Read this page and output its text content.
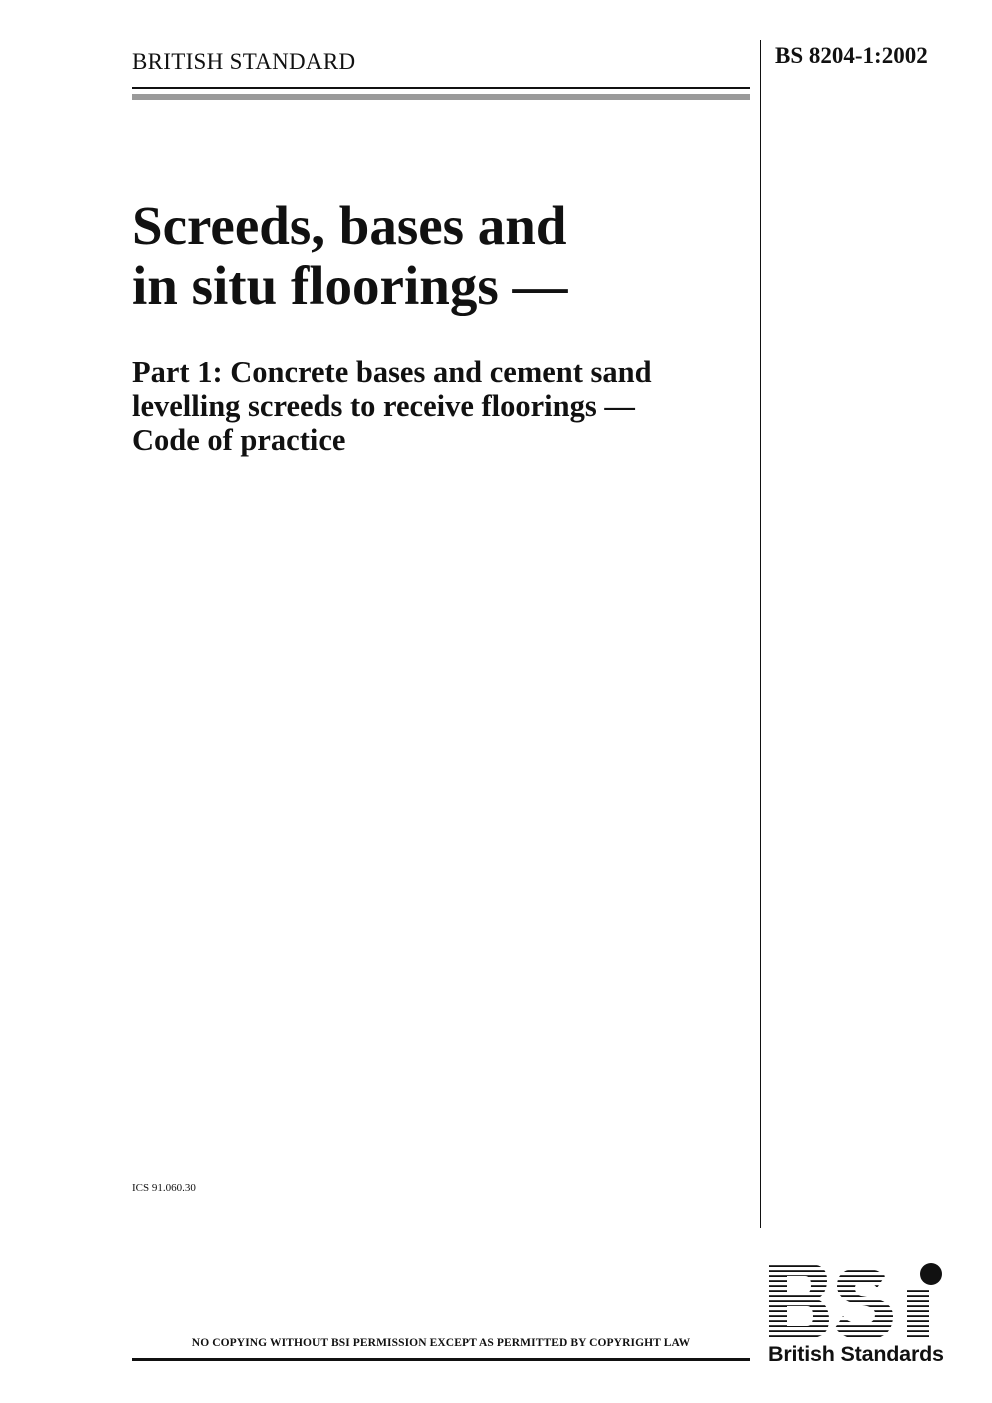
BRITISH STANDARD	BS 8204-1:2002
Screeds, bases and
in situ floorings —
Part 1: Concrete bases and cement sand
levelling screeds to receive floorings —
Code of practice
ICS 91.060.30
NO COPYING WITHOUT BSI PERMISSION EXCEPT AS PERMITTED BY COPYRIGHT LAW	British Standards
